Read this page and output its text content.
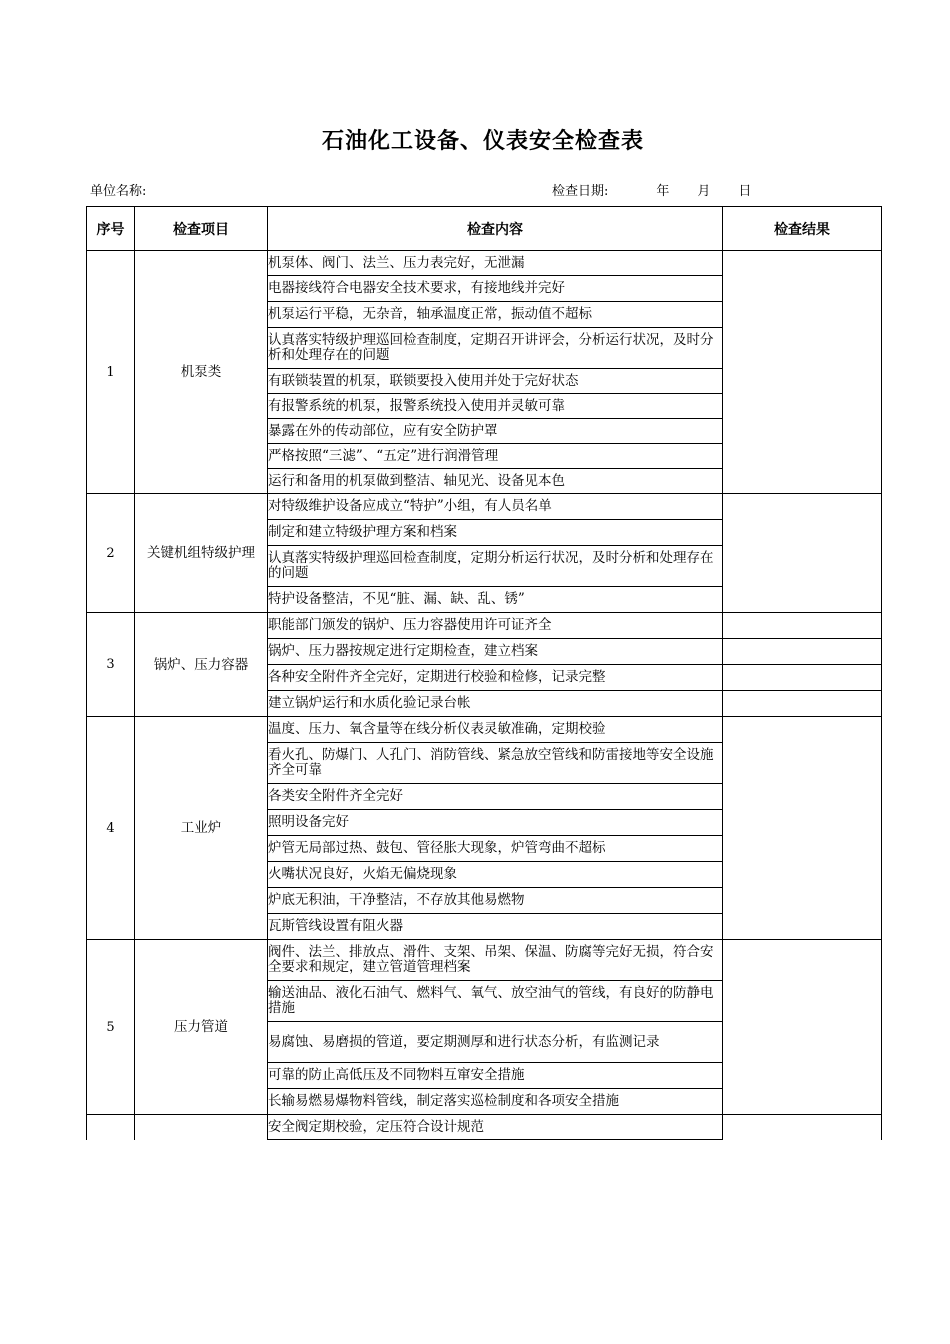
石油化工设备、仪表安全检查表
单位名称:	检查日期:	年 月 日
序号	检查项目	检查内容	检查结果
1	机泵类	机泵体、阀门、法兰、压力表完好，无泄漏	
		电器接线符合电器安全技术要求，有接地线并完好	
		机泵运行平稳，无杂音，轴承温度正常，振动值不超标	
		认真落实特级护理巡回检查制度，定期召开讲评会，分析运行状况，及时分析和处理存在的问题	
		有联锁装置的机泵，联锁要投入使用并处于完好状态	
		有报警系统的机泵，报警系统投入使用并灵敏可靠	
		暴露在外的传动部位，应有安全防护罩	
		严格按照“三滤”、“五定”进行润滑管理	
		运行和备用的机泵做到整洁、轴见光、设备见本色	
2	关键机组特级护理	对特级维护设备应成立“特护”小组，有人员名单	
		制定和建立特级护理方案和档案	
		认真落实特级护理巡回检查制度，定期分析运行状况，及时分析和处理存在的问题	
		特护设备整洁，不见“脏、漏、缺、乱、锈”	
3	锅炉、压力容器	职能部门颁发的锅炉、压力容器使用许可证齐全	
		锅炉、压力器按规定进行定期检查，建立档案	
		各种安全附件齐全完好，定期进行校验和检修，记录完整	
		建立锅炉运行和水质化验记录台帐	
4	工业炉	温度、压力、氧含量等在线分析仪表灵敏准确，定期校验	
		看火孔、防爆门、人孔门、消防管线、紧急放空管线和防雷接地等安全设施齐全可靠	
		各类安全附件齐全完好	
		照明设备完好	
		炉管无局部过热、鼓包、管径胀大现象，炉管弯曲不超标	
		火嘴状况良好，火焰无偏烧现象	
		炉底无积油，干净整洁，不存放其他易燃物	
		瓦斯管线设置有阻火器	
5	压力管道	阀件、法兰、排放点、滑件、支架、吊架、保温、防腐等完好无损，符合安全要求和规定，建立管道管理档案	
		输送油品、液化石油气、燃料气、氧气、放空油气的管线，有良好的防静电措施	
		易腐蚀、易磨损的管道，要定期测厚和进行状态分析，有监测记录	
		可靠的防止高低压及不同物料互窜安全措施	
		长输易燃易爆物料管线，制定落实巡检制度和各项安全措施	
		安全阀定期校验，定压符合设计规范	
